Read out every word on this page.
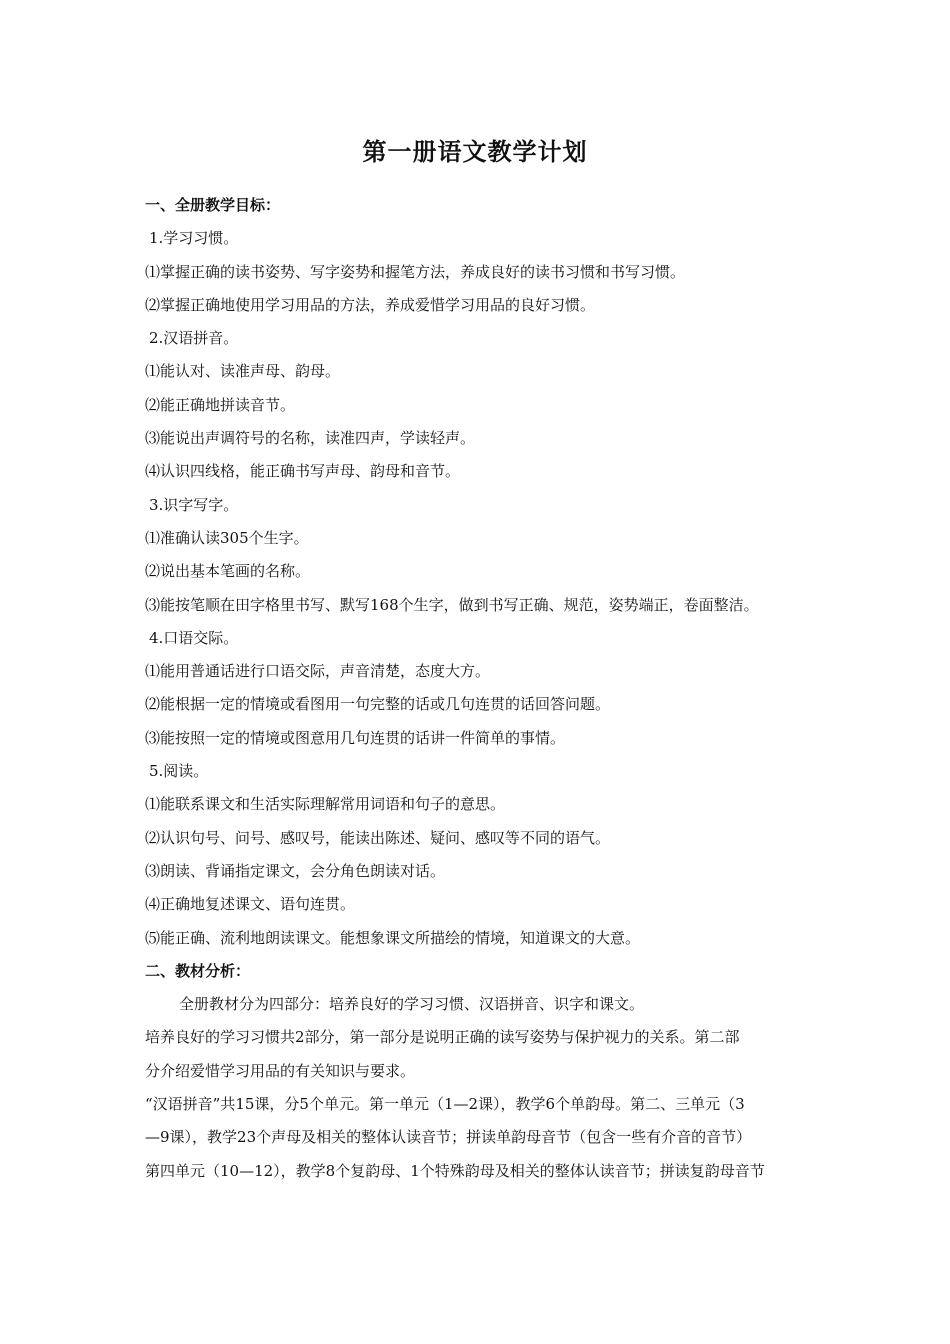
第一册语文教学计划
一、全册教学目标：
1.学习习惯。
⑴掌握正确的读书姿势、写字姿势和握笔方法，养成良好的读书习惯和书写习惯。
⑵掌握正确地使用学习用品的方法，养成爱惜学习用品的良好习惯。
2.汉语拼音。
⑴能认对、读准声母、韵母。
⑵能正确地拼读音节。
⑶能说出声调符号的名称，读准四声，学读轻声。
⑷认识四线格，能正确书写声母、韵母和音节。
3.识字写字。
⑴准确认读305个生字。
⑵说出基本笔画的名称。
⑶能按笔顺在田字格里书写、默写168个生字，做到书写正确、规范，姿势端正，卷面整洁。
4.口语交际。
⑴能用普通话进行口语交际，声音清楚，态度大方。
⑵能根据一定的情境或看图用一句完整的话或几句连贯的话回答问题。
⑶能按照一定的情境或图意用几句连贯的话讲一件简单的事情。
5.阅读。
⑴能联系课文和生活实际理解常用词语和句子的意思。
⑵认识句号、问号、感叹号，能读出陈述、疑问、感叹等不同的语气。
⑶朗读、背诵指定课文，会分角色朗读对话。
⑷正确地复述课文、语句连贯。
⑸能正确、流利地朗读课文。能想象课文所描绘的情境，知道课文的大意。
二、教材分析：
全册教材分为四部分：培养良好的学习习惯、汉语拼音、识字和课文。
培养良好的学习习惯共2部分，第一部分是说明正确的读写姿势与保护视力的关系。第二部
分介绍爱惜学习用品的有关知识与要求。
“汉语拼音”共15课，分5个单元。第一单元（1—2课），教学6个单韵母。第二、三单元（3
—9课），教学23个声母及相关的整体认读音节；拼读单韵母音节（包含一些有介音的音节）
第四单元（10—12），教学8个复韵母、1个特殊韵母及相关的整体认读音节；拼读复韵母音节
